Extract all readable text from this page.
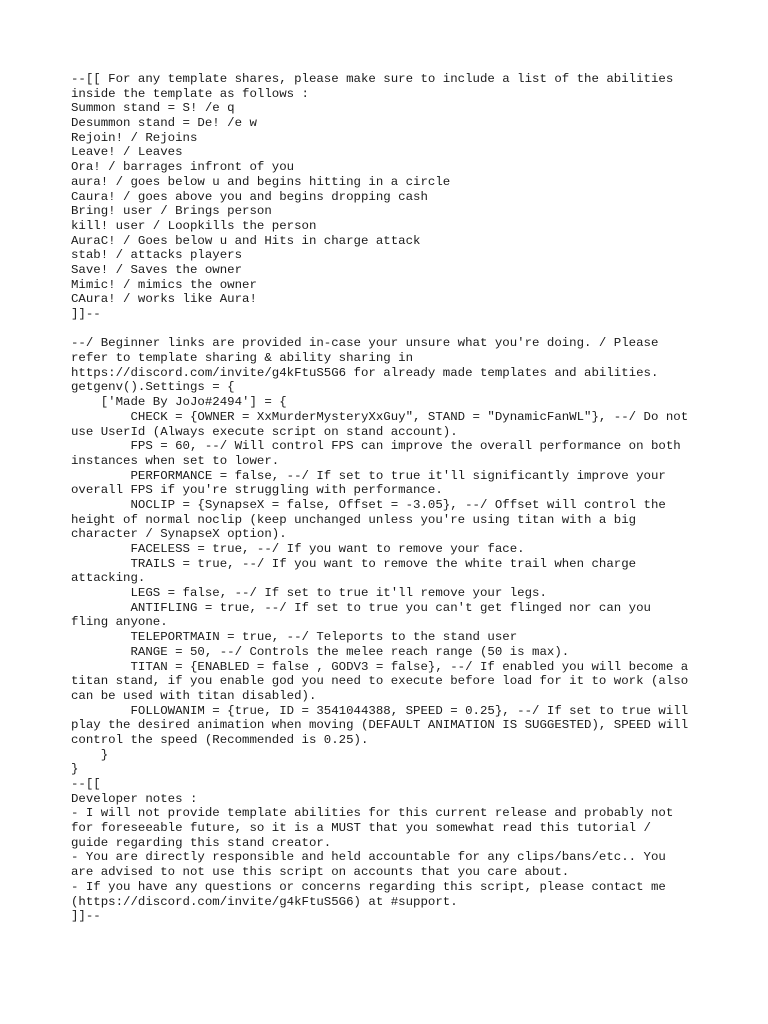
--[[ For any template shares, please make sure to include a list of the abilities
inside the template as follows :
Summon stand = S! /e q
Desummon stand = De! /e w
Rejoin! / Rejoins
Leave! / Leaves
Ora! / barrages infront of you
aura! / goes below u and begins hitting in a circle
Caura! / goes above you and begins dropping cash
Bring! user / Brings person
kill! user / Loopkills the person
AuraC! / Goes below u and Hits in charge attack
stab! / attacks players
Save! / Saves the owner
Mimic! / mimics the owner
CAura! / works like Aura!
]]--
--/ Beginner links are provided in-case your unsure what you're doing. / Please
refer to template sharing & ability sharing in
https://discord.com/invite/g4kFtuS5G6 for already made templates and abilities.
getgenv().Settings = {
['Made By JoJo#2494'] = {
CHECK = {OWNER = XxMurderMysteryXxGuy", STAND = "DynamicFanWL"}, --/ Do not
use UserId (Always execute script on stand account).
FPS = 60, --/ Will control FPS can improve the overall performance on both
instances when set to lower.
PERFORMANCE = false, --/ If set to true it'll significantly improve your
overall FPS if you're struggling with performance.
NOCLIP = {SynapseX = false, Offset = -3.05}, --/ Offset will control the
height of normal noclip (keep unchanged unless you're using titan with a big
character / SynapseX option).
FACELESS = true, --/ If you want to remove your face.
TRAILS = true, --/ If you want to remove the white trail when charge
attacking.
LEGS = false, --/ If set to true it'll remove your legs.
ANTIFLING = true, --/ If set to true you can't get flinged nor can you
fling anyone.
TELEPORTMAIN = true, --/ Teleports to the stand user
RANGE = 50, --/ Controls the melee reach range (50 is max).
TITAN = {ENABLED = false , GODV3 = false}, --/ If enabled you will become a
titan stand, if you enable god you need to execute before load for it to work (also
can be used with titan disabled).
FOLLOWANIM = {true, ID = 3541044388, SPEED = 0.25}, --/ If set to true will
play the desired animation when moving (DEFAULT ANIMATION IS SUGGESTED), SPEED will
control the speed (Recommended is 0.25).
}
}
--[[
Developer notes :
- I will not provide template abilities for this current release and probably not
for foreseeable future, so it is a MUST that you somewhat read this tutorial /
guide regarding this stand creator.
- You are directly responsible and held accountable for any clips/bans/etc.. You
are advised to not use this script on accounts that you care about.
- If you have any questions or concerns regarding this script, please contact me
(https://discord.com/invite/g4kFtuS5G6) at #support.
]]--
